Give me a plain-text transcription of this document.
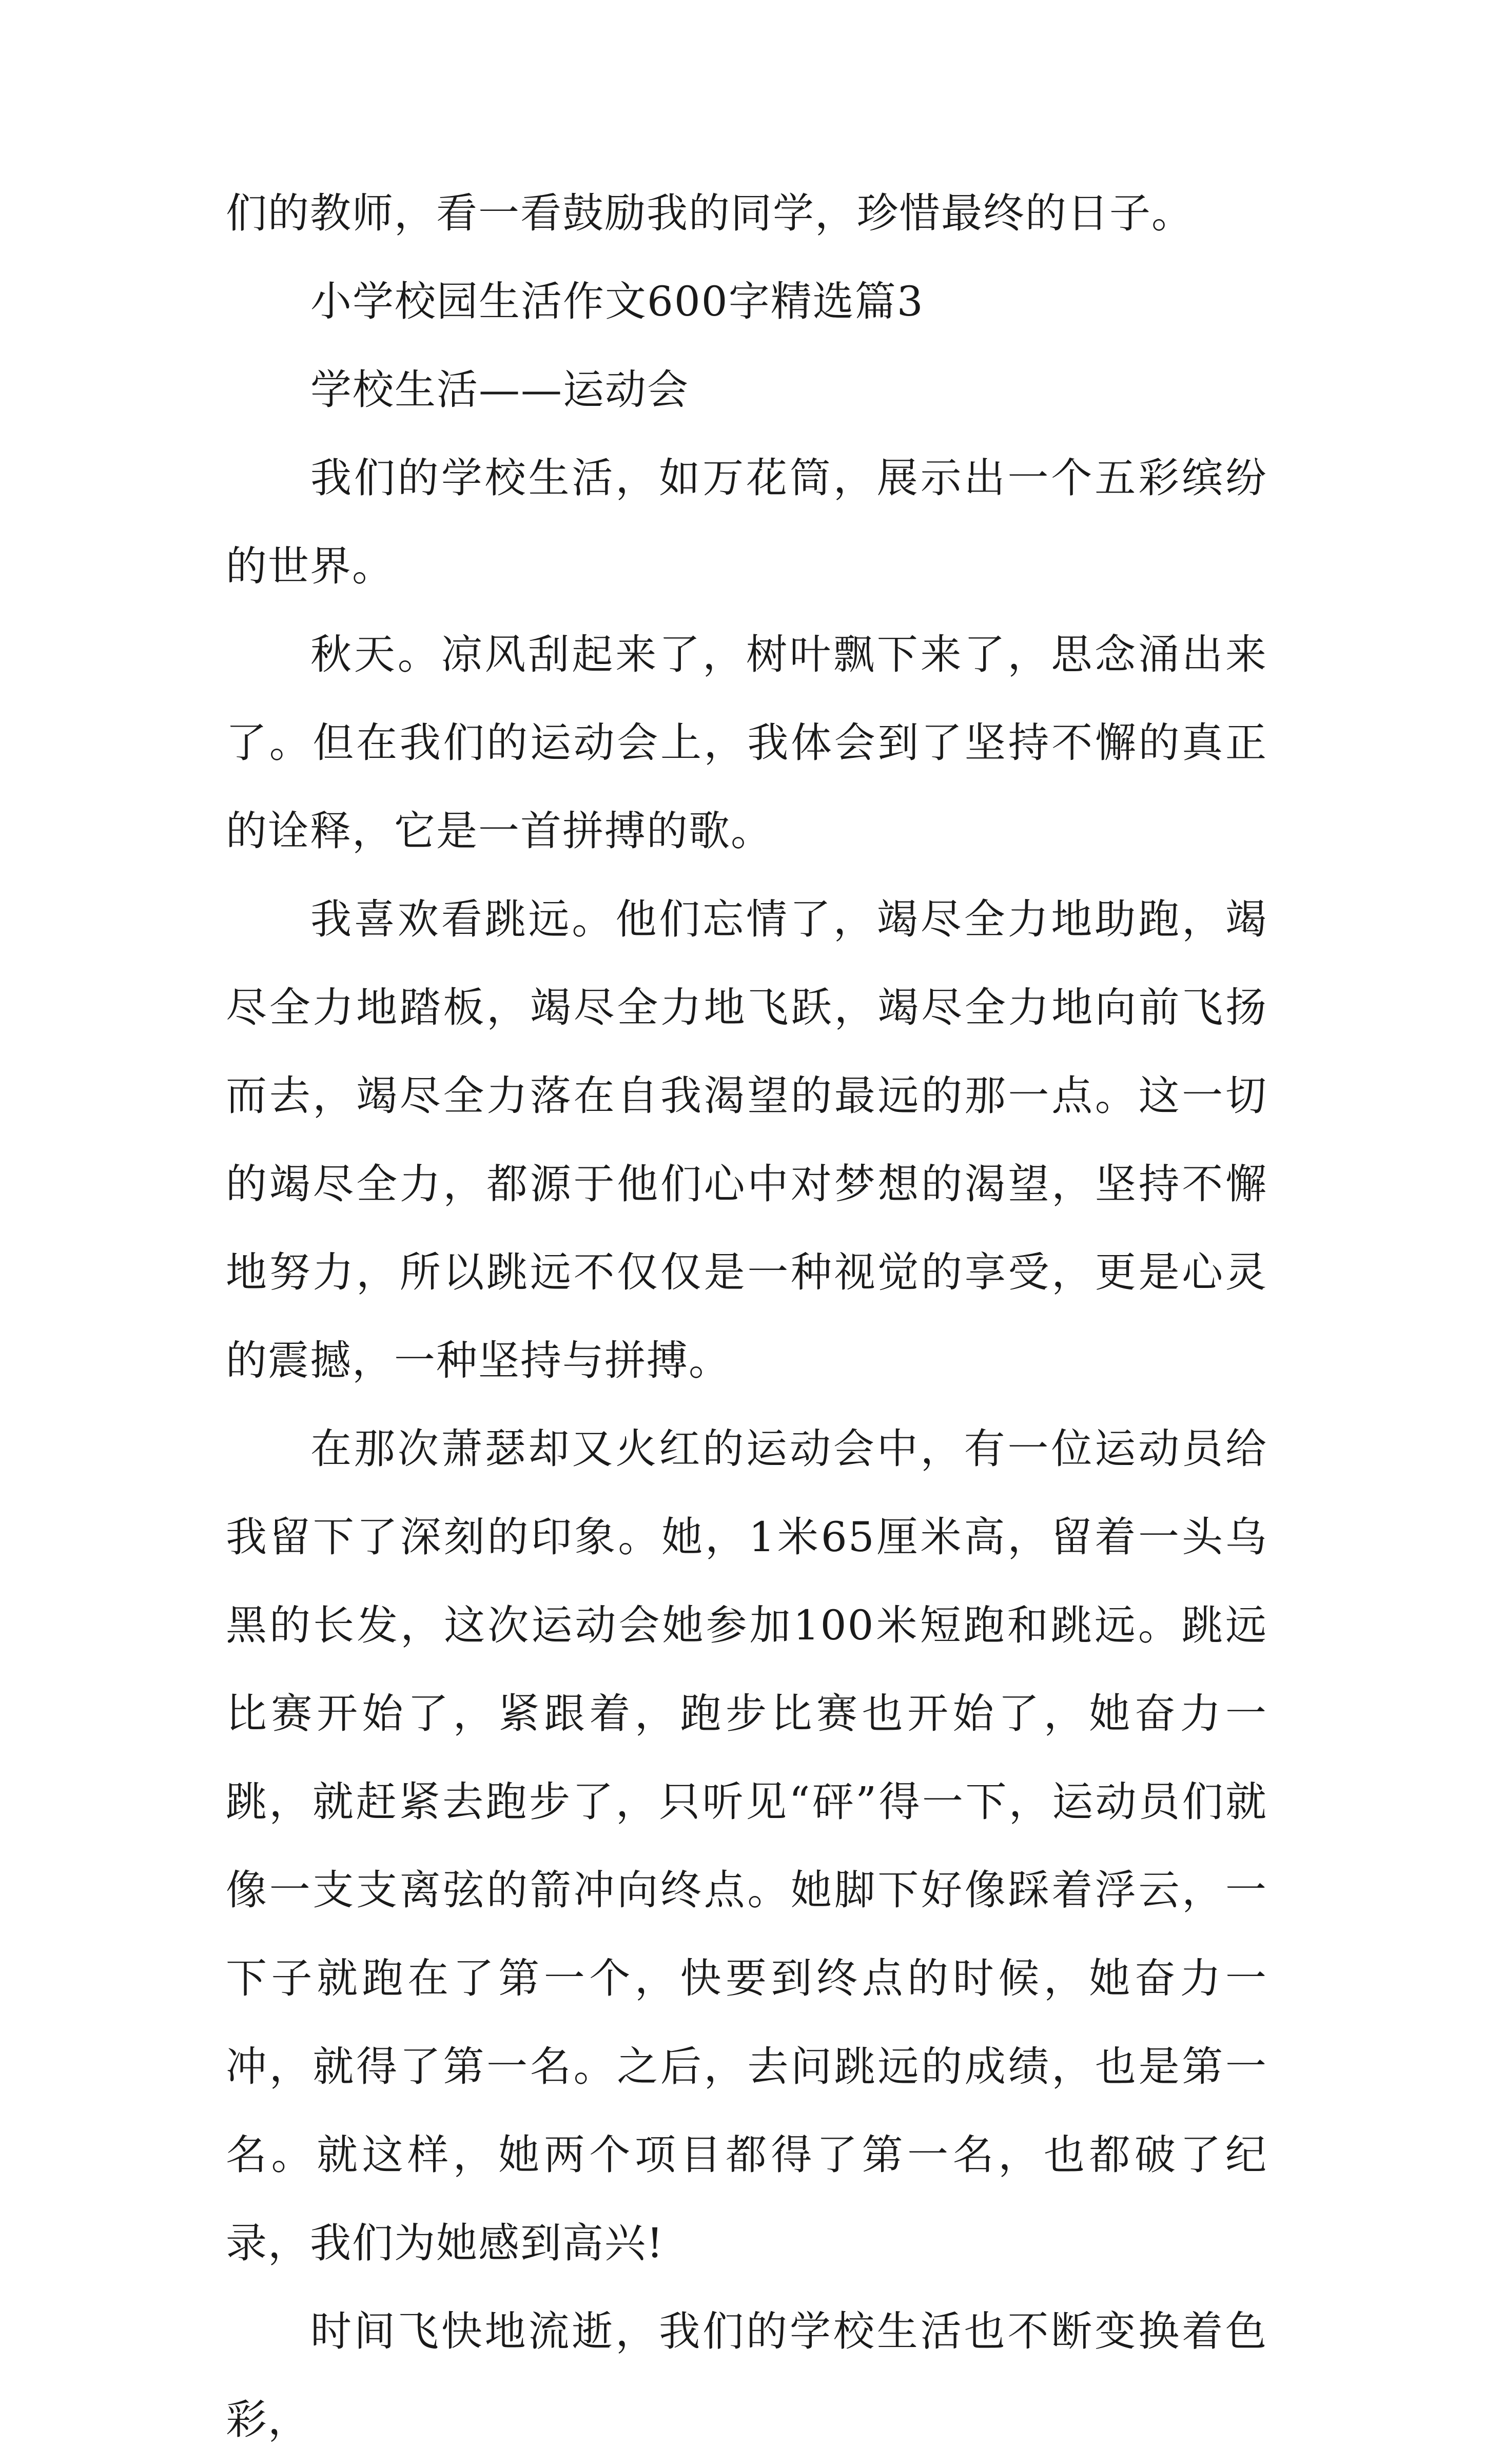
们的教师，看一看鼓励我的同学，珍惜最终的日子。

小学校园生活作文600字精选篇3

学校生活——运动会

我们的学校生活，如万花筒，展示出一个五彩缤纷的世界。

秋天。凉风刮起来了，树叶飘下来了，思念涌出来了。但在我们的运动会上，我体会到了坚持不懈的真正的诠释，它是一首拼搏的歌。

我喜欢看跳远。他们忘情了，竭尽全力地助跑，竭尽全力地踏板，竭尽全力地飞跃，竭尽全力地向前飞扬而去，竭尽全力落在自我渴望的最远的那一点。这一切的竭尽全力，都源于他们心中对梦想的渴望，坚持不懈地努力，所以跳远不仅仅是一种视觉的享受，更是心灵的震撼，一种坚持与拼搏。

在那次萧瑟却又火红的运动会中，有一位运动员给我留下了深刻的印象。她，1米65厘米高，留着一头乌黑的长发，这次运动会她参加100米短跑和跳远。跳远比赛开始了，紧跟着，跑步比赛也开始了，她奋力一跳，就赶紧去跑步了，只听见“砰”得一下，运动员们就像一支支离弦的箭冲向终点。她脚下好像踩着浮云，一下子就跑在了第一个，快要到终点的时候，她奋力一冲，就得了第一名。之后，去问跳远的成绩，也是第一名。就这样，她两个项目都得了第一名，也都破了纪录，我们为她感到高兴!

时间飞快地流逝，我们的学校生活也不断变换着色彩，
